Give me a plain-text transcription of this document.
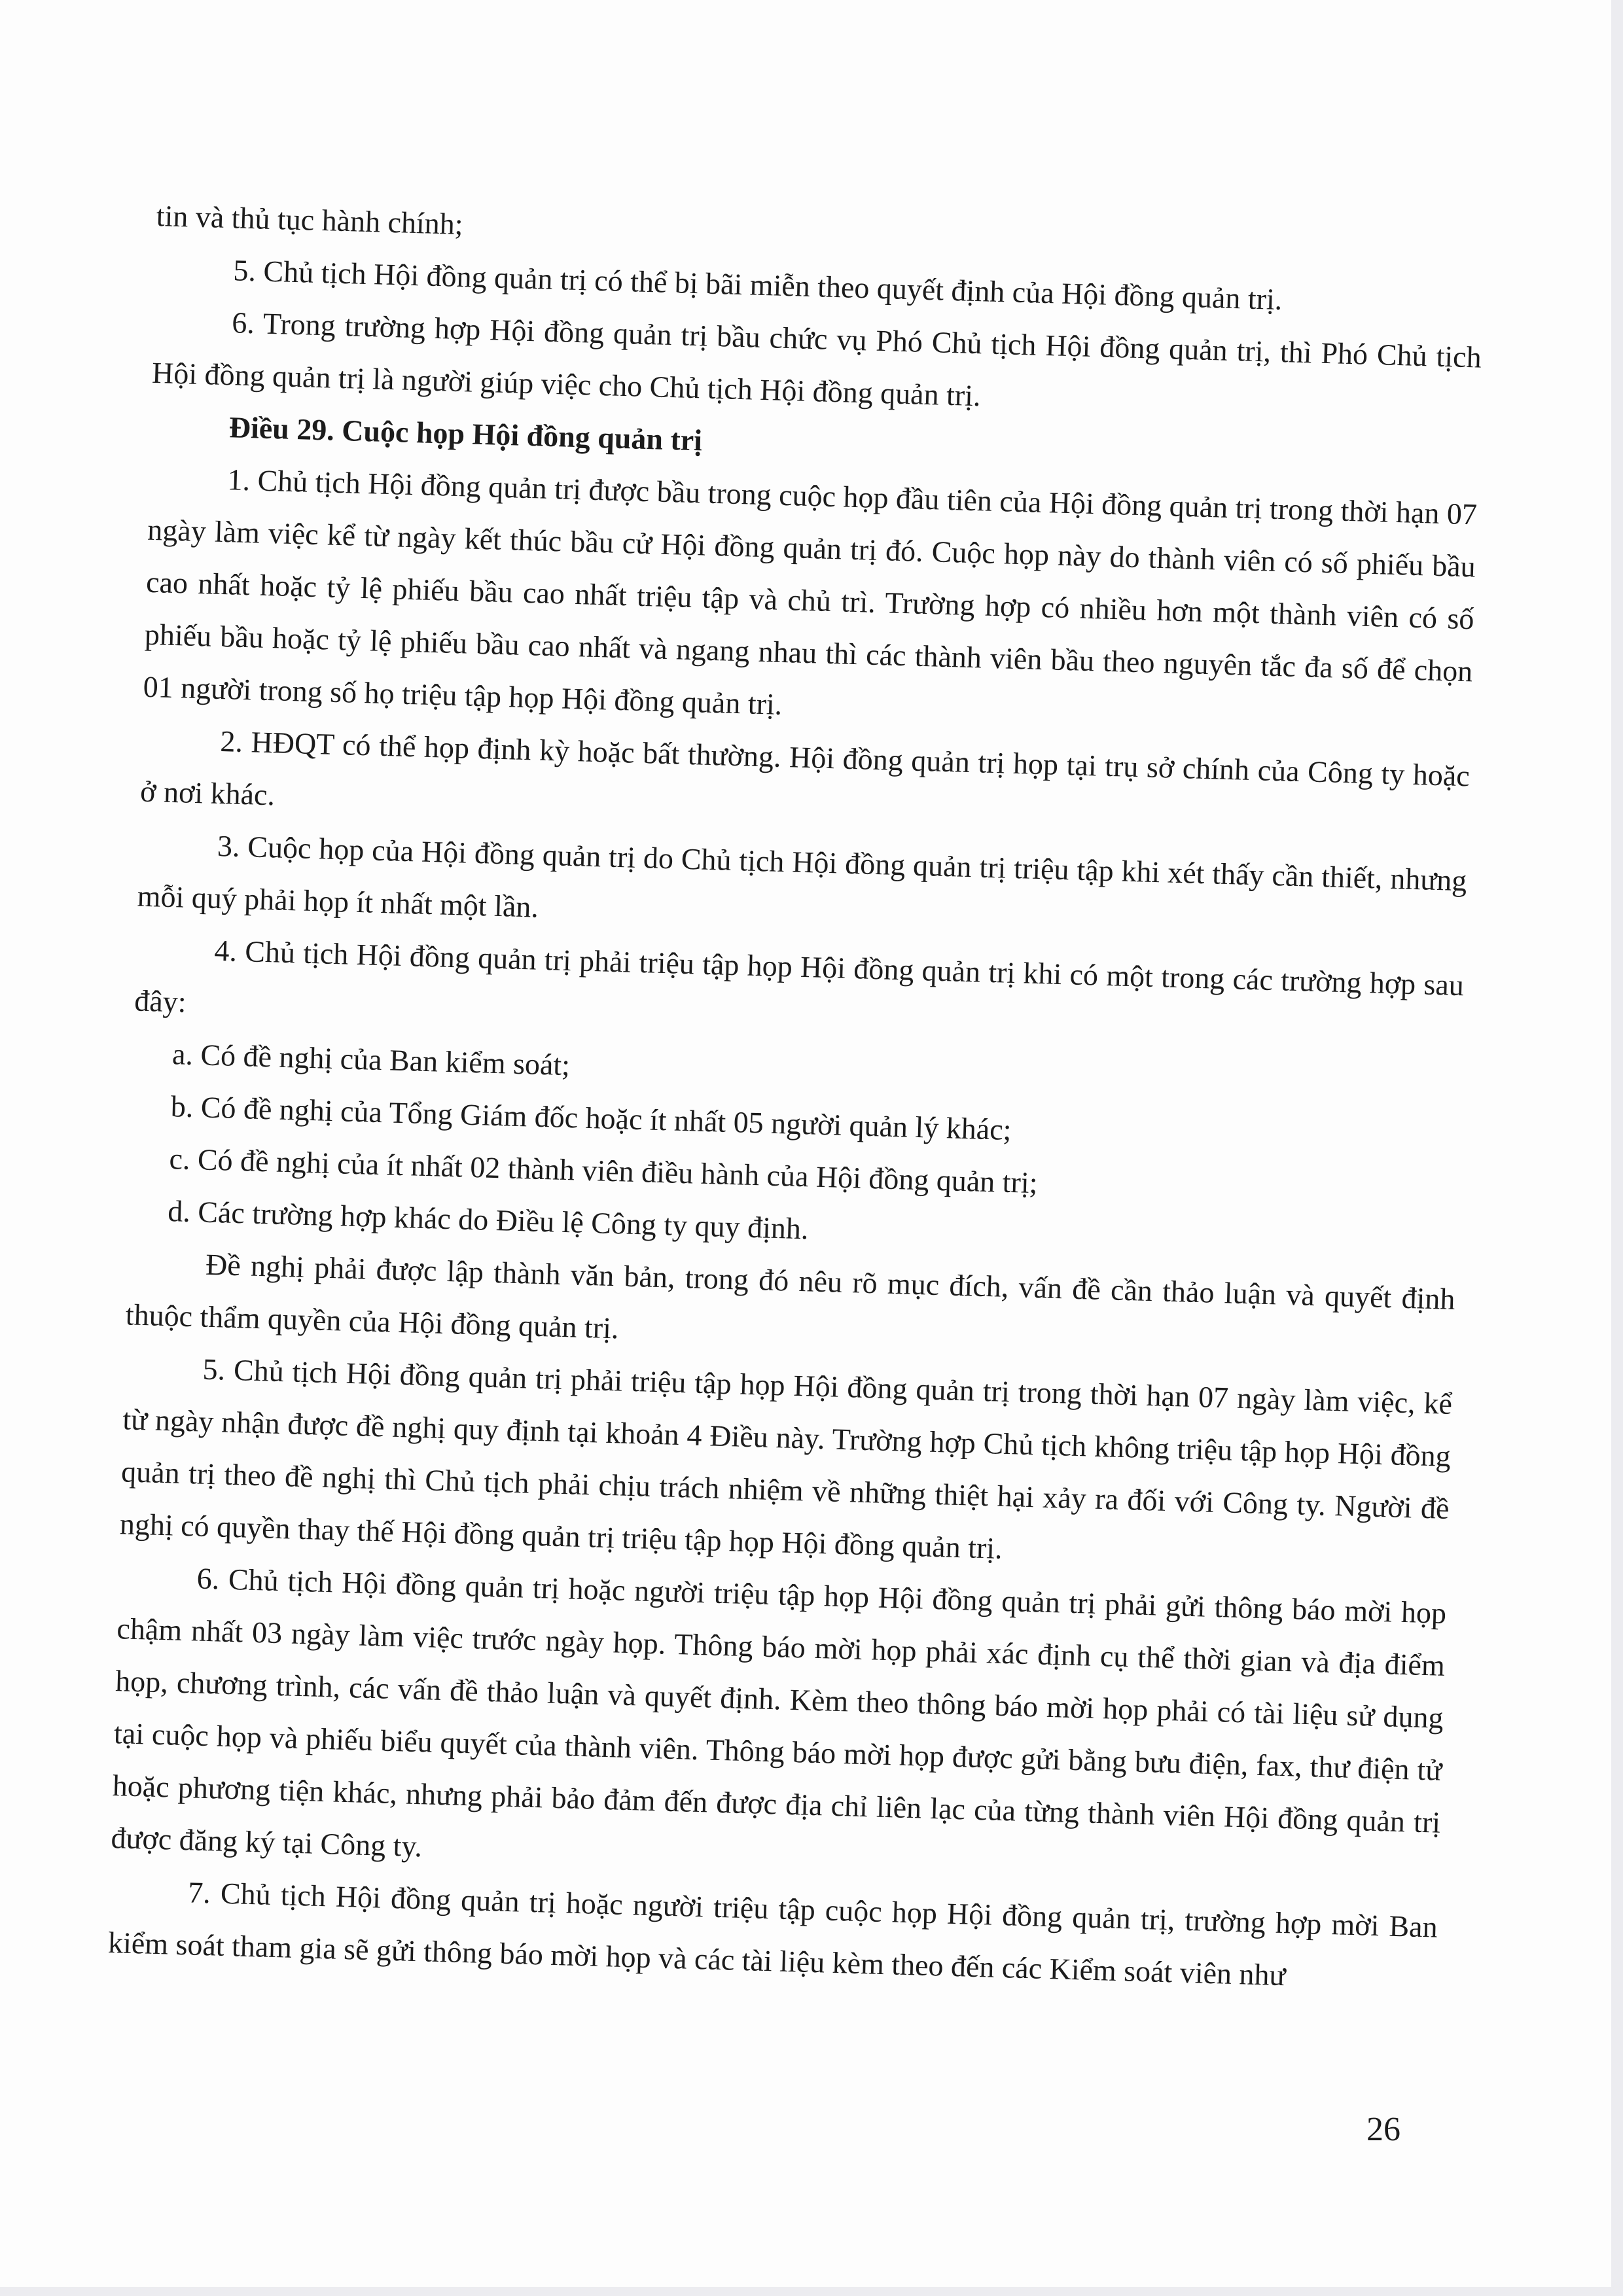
tin và thủ tục hành chính;

5. Chủ tịch Hội đồng quản trị có thể bị bãi miễn theo quyết định của Hội đồng quản trị.

6. Trong trường hợp Hội đồng quản trị bầu chức vụ Phó Chủ tịch Hội đồng quản trị, thì Phó Chủ tịch Hội đồng quản trị là người giúp việc cho Chủ tịch Hội đồng quản trị.

Điều 29. Cuộc họp Hội đồng quản trị

1. Chủ tịch Hội đồng quản trị được bầu trong cuộc họp đầu tiên của Hội đồng quản trị trong thời hạn 07 ngày làm việc kể từ ngày kết thúc bầu cử Hội đồng quản trị đó. Cuộc họp này do thành viên có số phiếu bầu cao nhất hoặc tỷ lệ phiếu bầu cao nhất triệu tập và chủ trì. Trường hợp có nhiều hơn một thành viên có số phiếu bầu hoặc tỷ lệ phiếu bầu cao nhất và ngang nhau thì các thành viên bầu theo nguyên tắc đa số để chọn 01 người trong số họ triệu tập họp Hội đồng quản trị.

2. HĐQT có thể họp định kỳ hoặc bất thường. Hội đồng quản trị họp tại trụ sở chính của Công ty hoặc ở nơi khác.

3. Cuộc họp của Hội đồng quản trị do Chủ tịch Hội đồng quản trị triệu tập khi xét thấy cần thiết, nhưng mỗi quý phải họp ít nhất một lần.

4. Chủ tịch Hội đồng quản trị phải triệu tập họp Hội đồng quản trị khi có một trong các trường hợp sau đây:

a. Có đề nghị của Ban kiểm soát;

b. Có đề nghị của Tổng Giám đốc hoặc ít nhất 05 người quản lý khác;

c. Có đề nghị của ít nhất 02 thành viên điều hành của Hội đồng quản trị;

d. Các trường hợp khác do Điều lệ Công ty quy định.

Đề nghị phải được lập thành văn bản, trong đó nêu rõ mục đích, vấn đề cần thảo luận và quyết định thuộc thẩm quyền của Hội đồng quản trị.

5. Chủ tịch Hội đồng quản trị phải triệu tập họp Hội đồng quản trị trong thời hạn 07 ngày làm việc, kể từ ngày nhận được đề nghị quy định tại khoản 4 Điều này. Trường hợp Chủ tịch không triệu tập họp Hội đồng quản trị theo đề nghị thì Chủ tịch phải chịu trách nhiệm về những thiệt hại xảy ra đối với Công ty. Người đề nghị có quyền thay thế Hội đồng quản trị triệu tập họp Hội đồng quản trị.

6. Chủ tịch Hội đồng quản trị hoặc người triệu tập họp Hội đồng quản trị phải gửi thông báo mời họp chậm nhất 03 ngày làm việc trước ngày họp. Thông báo mời họp phải xác định cụ thể thời gian và địa điểm họp, chương trình, các vấn đề thảo luận và quyết định. Kèm theo thông báo mời họp phải có tài liệu sử dụng tại cuộc họp và phiếu biểu quyết của thành viên. Thông báo mời họp được gửi bằng bưu điện, fax, thư điện tử hoặc phương tiện khác, nhưng phải bảo đảm đến được địa chỉ liên lạc của từng thành viên Hội đồng quản trị được đăng ký tại Công ty.

7. Chủ tịch Hội đồng quản trị hoặc người triệu tập cuộc họp Hội đồng quản trị, trường hợp mời Ban kiểm soát tham gia sẽ gửi thông báo mời họp và các tài liệu kèm theo đến các Kiểm soát viên như

26
